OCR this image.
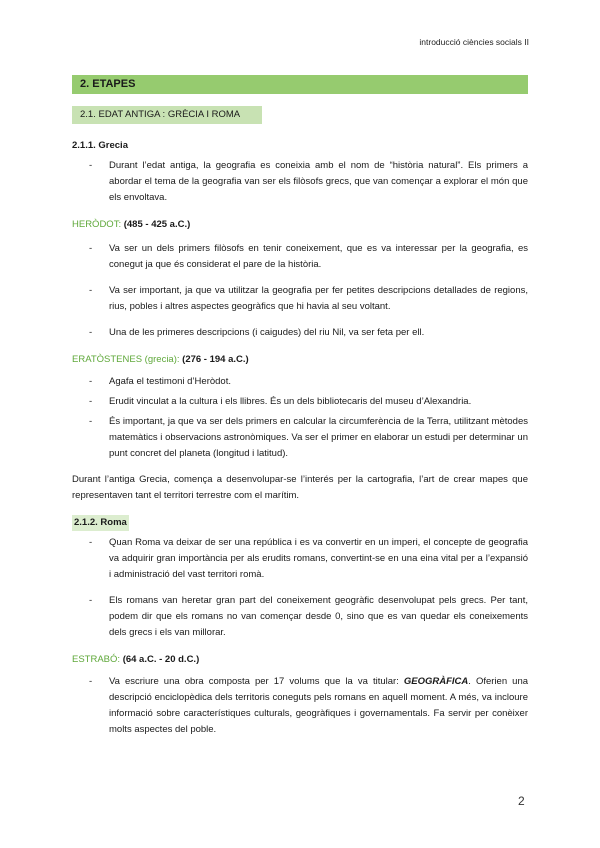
introducció ciències socials II
2. ETAPES
2.1. EDAT ANTIGA : GRÈCIA I ROMA

2.1.1. Grecia

- Durant l’edat antiga, la geografia es coneixia amb el nom de “història natural”. Els primers a abordar el tema de la geografia van ser els filòsofs grecs, que van començar a explorar el món que els envoltava.

HERÒDOT: (485 - 425 a.C.)

- Va ser un dels primers filòsofs en tenir coneixement, que es va interessar per la geografia, es conegut ja que és considerat el pare de la història.

- Va ser important, ja que va utilitzar la geografia per fer petites descripcions detallades de regions, rius, pobles i altres aspectes geogràfics que hi havia al seu voltant.

- Una de les primeres descripcions (i caigudes) del riu Nil, va ser feta per ell.

ERATÒSTENES (grecia): (276 - 194 a.C.)

- Agafa el testimoni d’Heròdot.

- Erudit vinculat a la cultura i els llibres. És un dels bibliotecaris del museu d’Alexandria.

- És important, ja que va ser dels primers en calcular la circumferència de la Terra, utilitzant mètodes matemàtics i observacions astronòmiques. Va ser el primer en elaborar un estudi per determinar un punt concret del planeta (longitud i latitud).

Durant l’antiga Grecia, comença a desenvolupar-se l’interés per la cartografia, l’art de crear mapes que representaven tant el territori terrestre com el marítim.

2.1.2. Roma

- Quan Roma va deixar de ser una república i es va convertir en un imperi, el concepte de geografia va adquirir gran importància per als erudits romans, convertint-se en una eina vital per a l’expansió i administració del vast territori romà.

- Els romans van heretar gran part del coneixement geogràfic desenvolupat pels grecs. Per tant, podem dir que els romans no van començar desde 0, sino que es van quedar els coneixements dels grecs i els van millorar.

ESTRABÓ: (64 a.C. - 20 d.C.)

- Va escriure una obra composta per 17 volums que la va titular: GEOGRÀFICA. Oferien una descripció enciclopèdica dels territoris coneguts pels romans en aquell moment. A més, va incloure informació sobre característiques culturals, geogràfiques i governamentals. Fa servir per conèixer molts aspectes del poble.

2
